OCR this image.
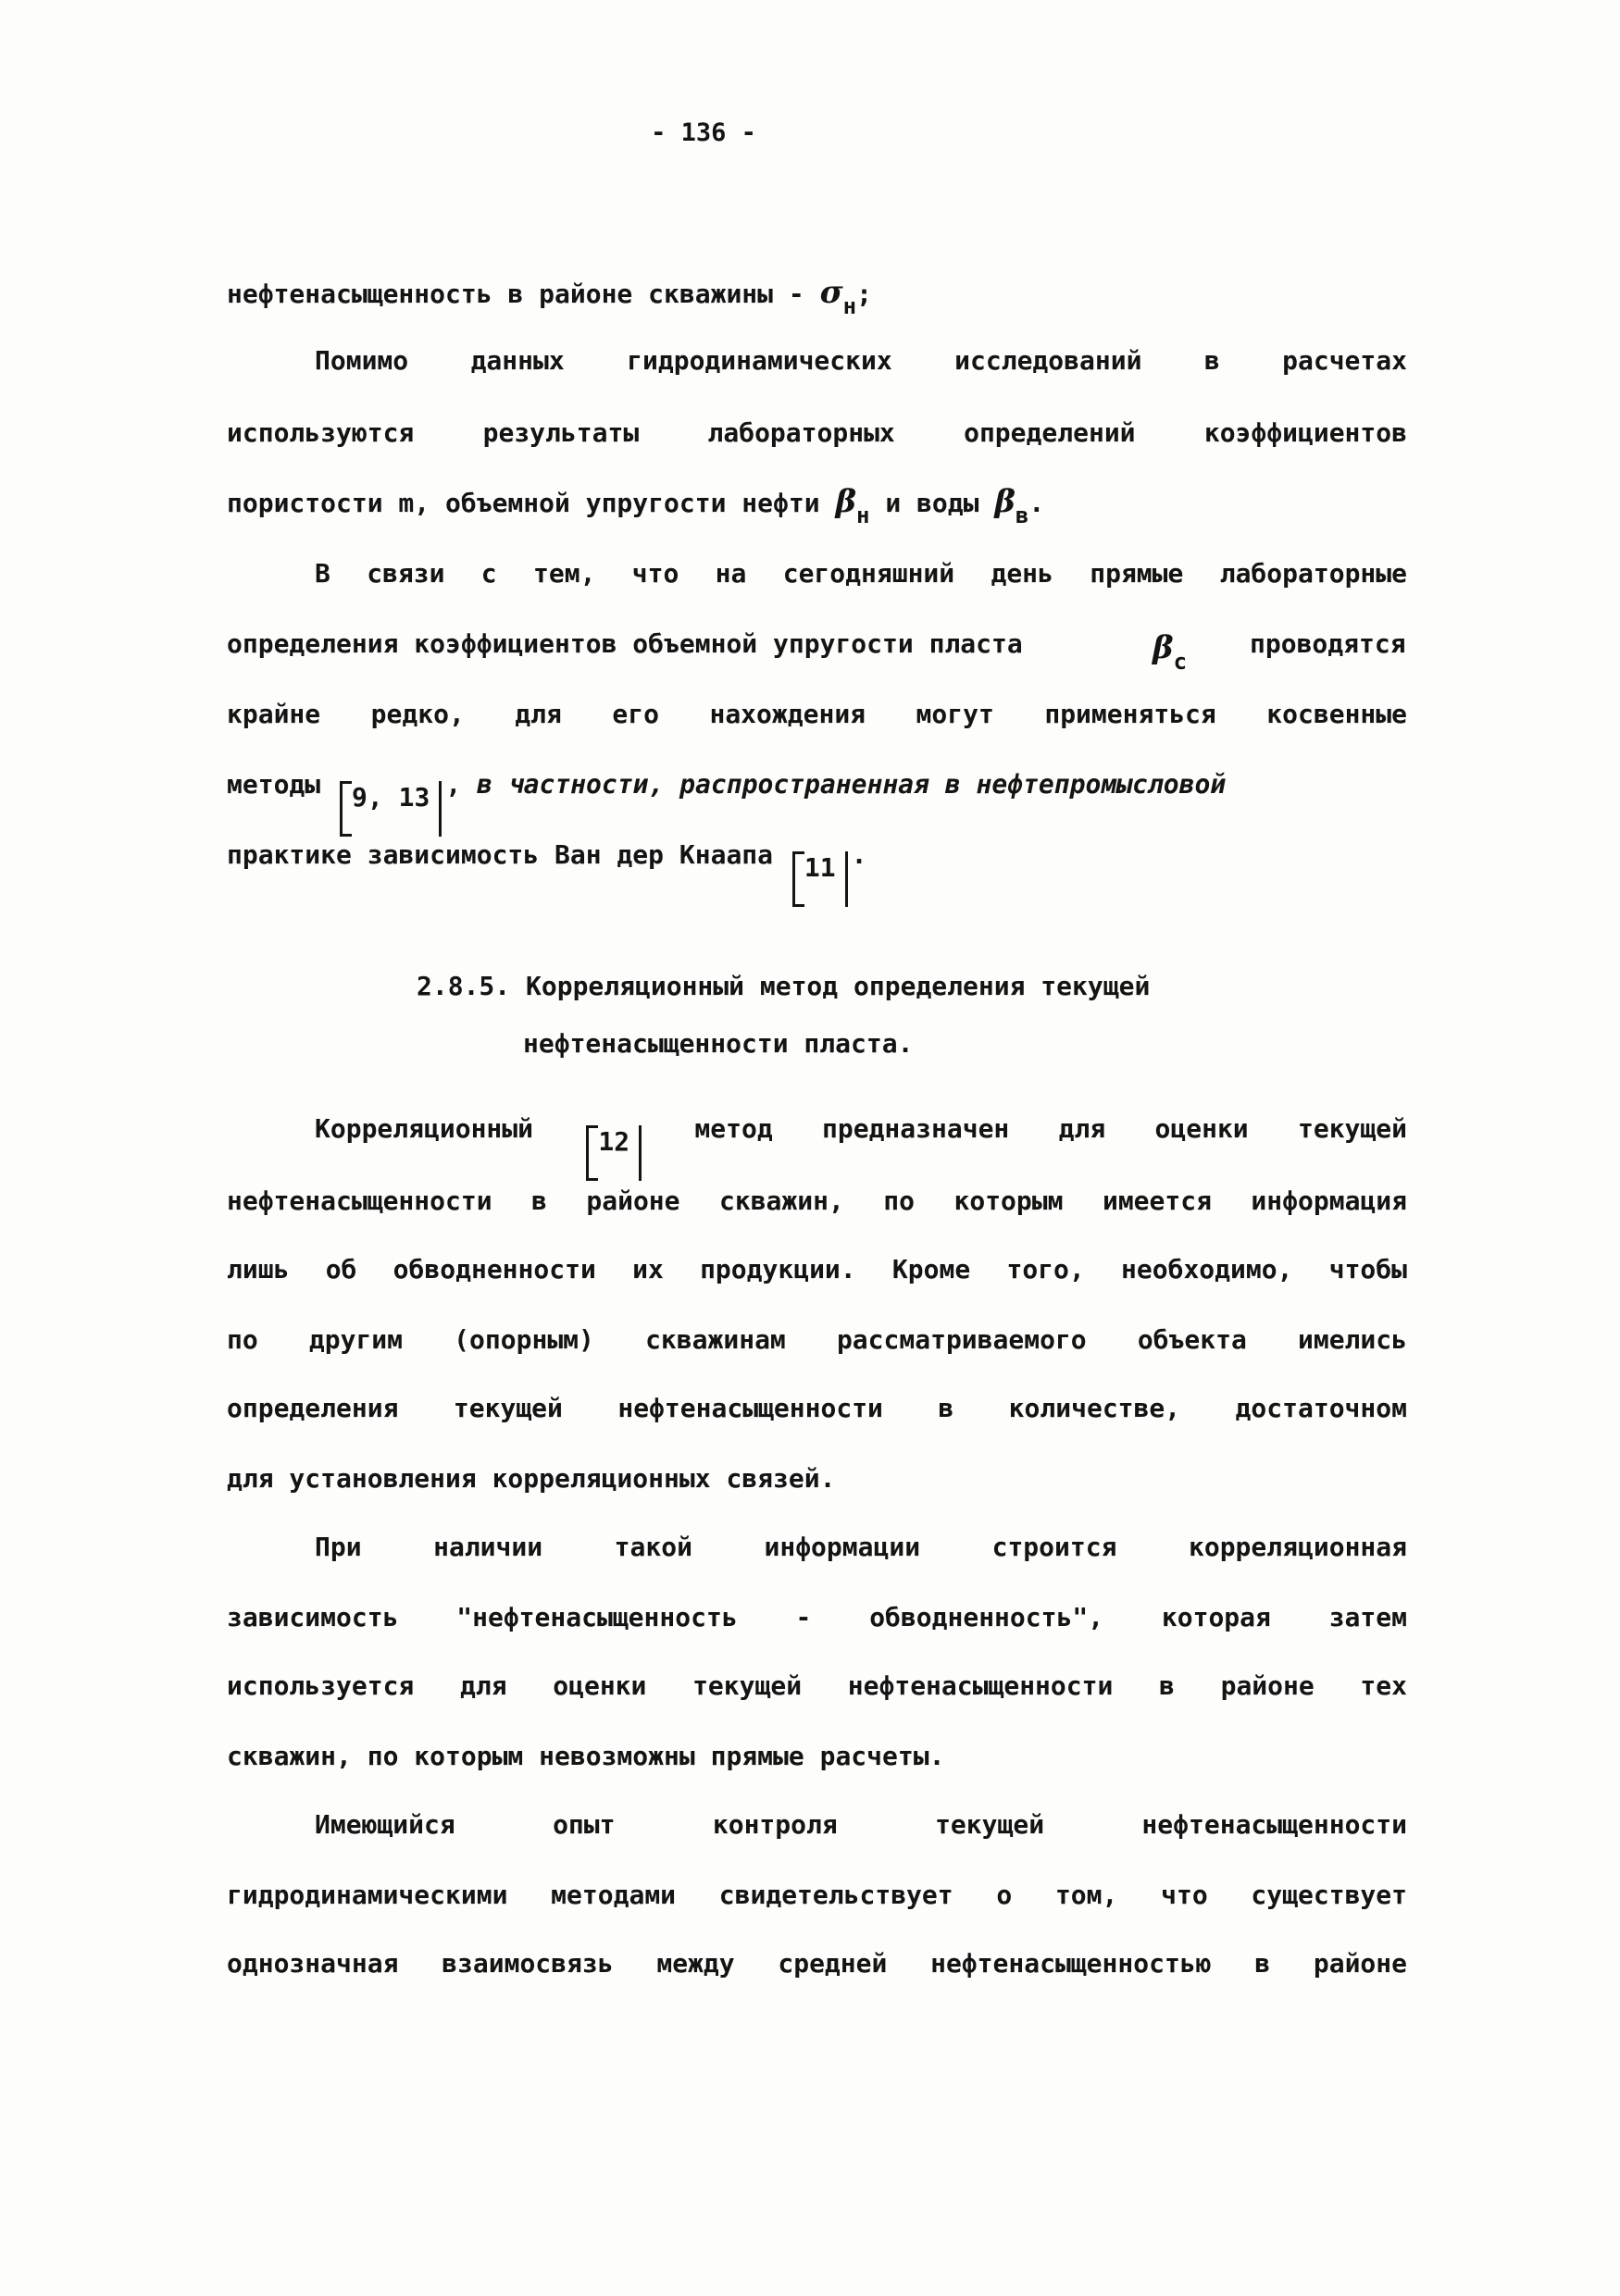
- 136 -
нефтенасыщенность в районе скважины - σн;
Помимо данных гидродинамических исследований в расчетах
используются результаты лабораторных определений коэффициентов
пористости m, объемной упругости нефти βн и воды βв.
В связи с тем, что на сегодняшний день прямые лабораторные
определения коэффициентов объемной упругости пласта	βс
проводятся
крайне редко, для его нахождения могут применяться косвенные
методы 9, 13 , в частности, распространенная в нефтепромысловой
практике зависимость Ван дер Кнаапа 11 .
2.8.5. Корреляционный метод определения текущей
нефтенасыщенности пласта.
Корреляционный 12 метод предназначен для оценки текущей
нефтенасыщенности в районе скважин, по которым имеется информация
лишь об обводненности их продукции. Кроме того, необходимо, чтобы
по другим (опорным) скважинам рассматриваемого объекта имелись
определения текущей нефтенасыщенности в количестве, достаточном
для установления корреляционных связей.
При наличии такой информации строится корреляционная
зависимость "нефтенасыщенность - обводненность", которая затем
используется для оценки текущей нефтенасыщенности в районе тех
скважин, по которым невозможны прямые расчеты.
Имеющийся опыт контроля текущей нефтенасыщенности
гидродинамическими методами свидетельствует о том, что существует
однозначная взаимосвязь между средней нефтенасыщенностью в районе
